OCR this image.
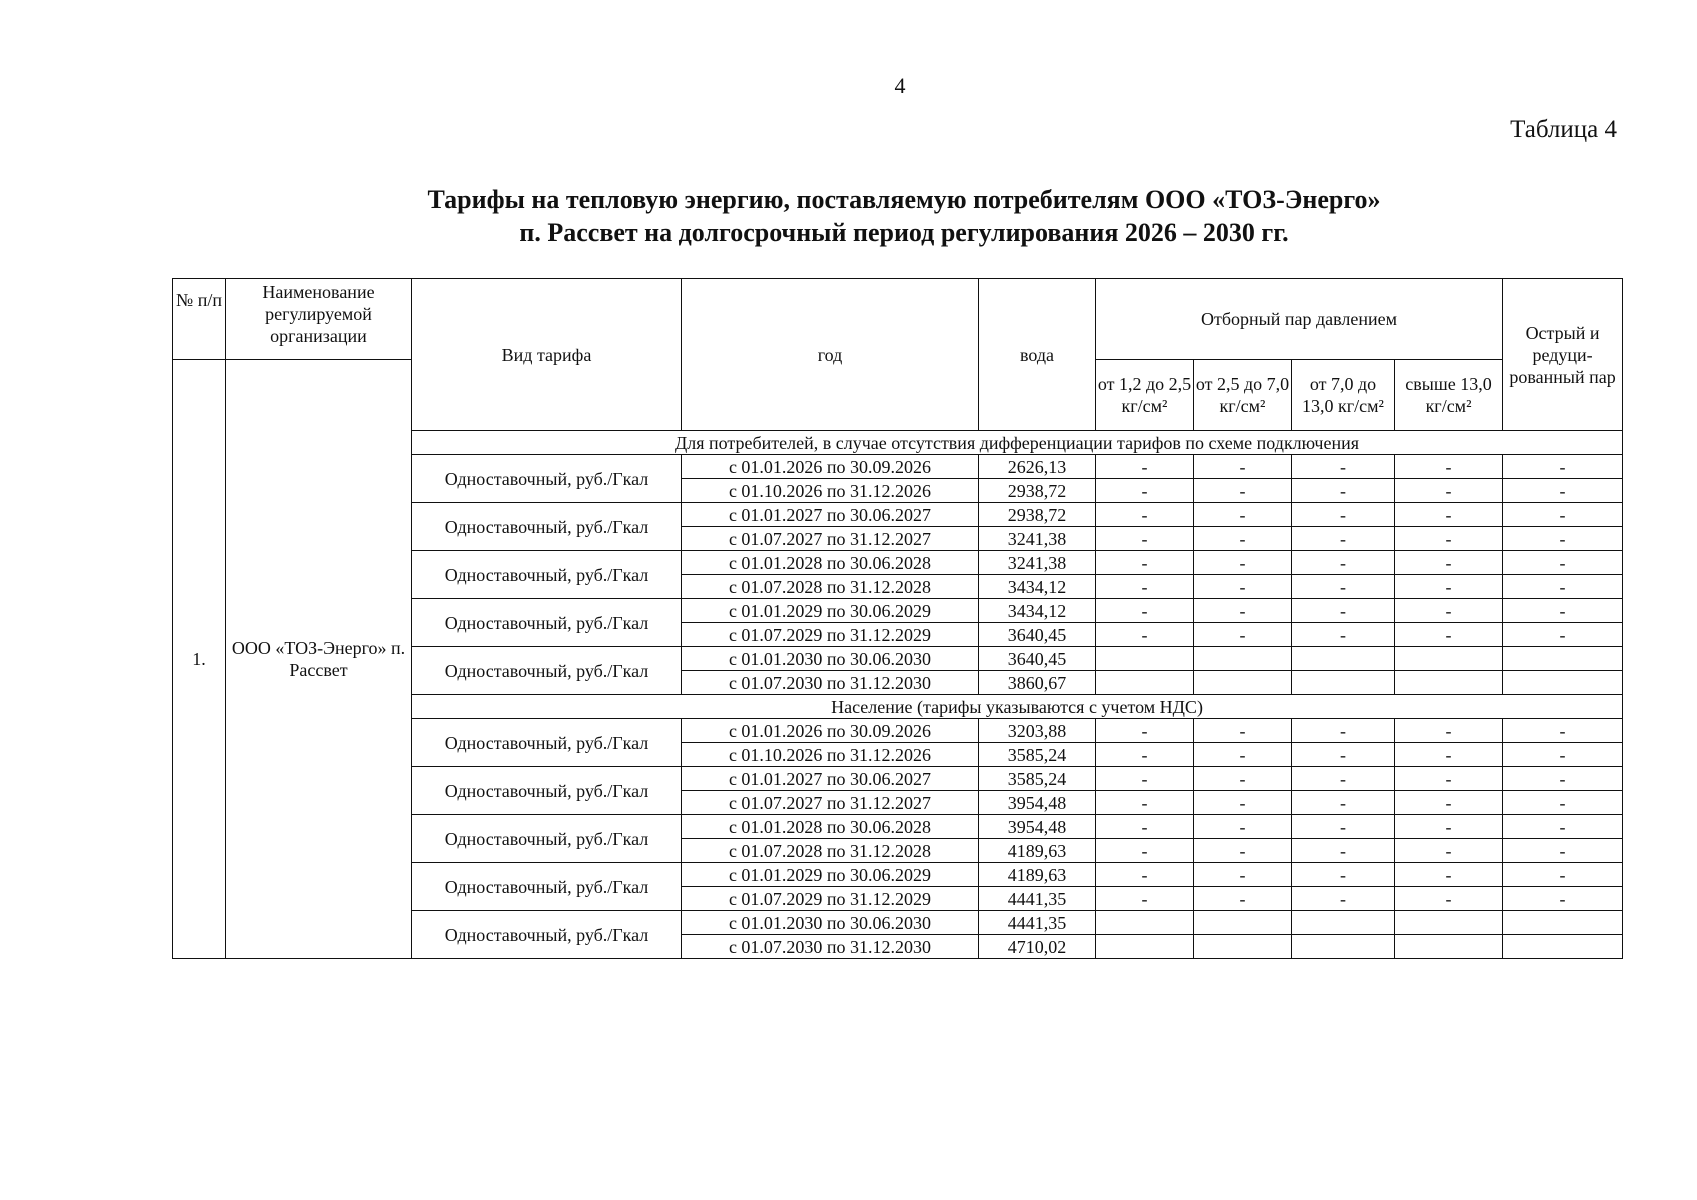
4
Таблица 4
Тарифы на тепловую энергию, поставляемую потребителям ООО «ТОЗ-Энерго»
п. Рассвет на долгосрочный период регулирования 2026 – 2030 гг.
№ п/п	Наименование регулируемой организации	Вид тарифа	год	вода	Отборный пар давлением				Острый и редуци-рованный пар
1.	ООО «ТОЗ-Энерго» п. Рассвет				от 1,2 до 2,5 кг/см²	от 2,5 до 7,0 кг/см²	от 7,0 до 13,0 кг/см²	свыше 13,0 кг/см²	
		Для потребителей, в случае отсутствия дифференциации тарифов по схеме подключения							
		Одноставочный, руб./Гкал	с 01.01.2026 по 30.09.2026	2626,13	-	-	-	-	-
			с 01.10.2026 по 31.12.2026	2938,72	-	-	-	-	-
		Одноставочный, руб./Гкал	с 01.01.2027 по 30.06.2027	2938,72	-	-	-	-	-
			с 01.07.2027 по 31.12.2027	3241,38	-	-	-	-	-
		Одноставочный, руб./Гкал	с 01.01.2028 по 30.06.2028	3241,38	-	-	-	-	-
			с 01.07.2028 по 31.12.2028	3434,12	-	-	-	-	-
		Одноставочный, руб./Гкал	с 01.01.2029 по 30.06.2029	3434,12	-	-	-	-	-
			с 01.07.2029 по 31.12.2029	3640,45	-	-	-	-	-
		Одноставочный, руб./Гкал	с 01.01.2030 по 30.06.2030	3640,45					
			с 01.07.2030 по 31.12.2030	3860,67					
		Население (тарифы указываются с учетом НДС)							
		Одноставочный, руб./Гкал	с 01.01.2026 по 30.09.2026	3203,88	-	-	-	-	-
			с 01.10.2026 по 31.12.2026	3585,24	-	-	-	-	-
		Одноставочный, руб./Гкал	с 01.01.2027 по 30.06.2027	3585,24	-	-	-	-	-
			с 01.07.2027 по 31.12.2027	3954,48	-	-	-	-	-
		Одноставочный, руб./Гкал	с 01.01.2028 по 30.06.2028	3954,48	-	-	-	-	-
			с 01.07.2028 по 31.12.2028	4189,63	-	-	-	-	-
		Одноставочный, руб./Гкал	с 01.01.2029 по 30.06.2029	4189,63	-	-	-	-	-
			с 01.07.2029 по 31.12.2029	4441,35	-	-	-	-	-
		Одноставочный, руб./Гкал	с 01.01.2030 по 30.06.2030	4441,35					
			с 01.07.2030 по 31.12.2030	4710,02					
